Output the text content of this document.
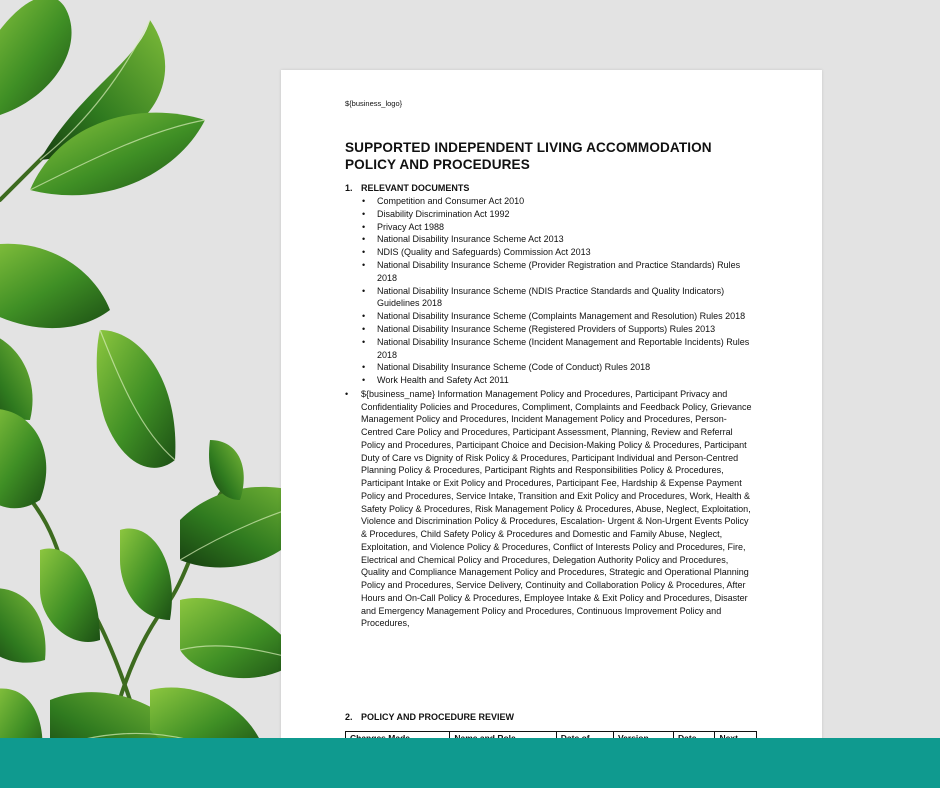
${business_logo}
SUPPORTED INDEPENDENT LIVING ACCOMMODATION
POLICY AND PROCEDURES
1. RELEVANT DOCUMENTS
• Competition and Consumer Act 2010
• Disability Discrimination Act 1992
• Privacy Act 1988
• National Disability Insurance Scheme Act 2013
• NDIS (Quality and Safeguards) Commission Act 2013
• National Disability Insurance Scheme (Provider Registration and Practice Standards) Rules 2018
• National Disability Insurance Scheme (NDIS Practice Standards and Quality Indicators) Guidelines 2018
• National Disability Insurance Scheme (Complaints Management and Resolution) Rules 2018
• National Disability Insurance Scheme (Registered Providers of Supports) Rules 2013
• National Disability Insurance Scheme (Incident Management and Reportable Incidents) Rules 2018
• National Disability Insurance Scheme (Code of Conduct) Rules 2018
• Work Health and Safety Act 2011
• ${business_name} Information Management Policy and Procedures, Participant Privacy and Confidentiality Policies and Procedures, Compliment, Complaints and Feedback Policy, Grievance Management Policy and Procedures, Incident Management Policy and Procedures, Person-Centred Care Policy and Procedures, Participant Assessment, Planning, Review and Referral Policy and Procedures, Participant Choice and Decision-Making Policy & Procedures, Participant Duty of Care vs Dignity of Risk Policy & Procedures, Participant Individual and Person-Centred Planning Policy & Procedures, Participant Rights and Responsibilities Policy & Procedures, Participant Intake or Exit Policy and Procedures, Participant Fee, Hardship & Expense Payment Policy and Procedures, Service Intake, Transition and Exit Policy and Procedures, Work, Health & Safety Policy & Procedures, Risk Management Policy & Procedures, Abuse, Neglect, Exploitation, Violence and Discrimination Policy & Procedures, Escalation- Urgent & Non-Urgent Events Policy & Procedures, Child Safety Policy & Procedures and Domestic and Family Abuse, Neglect, Exploitation, and Violence Policy & Procedures, Conflict of Interests Policy and Procedures, Fire, Electrical and Chemical Policy and Procedures, Delegation Authority Policy and Procedures, Quality and Compliance Management Policy and Procedures, Strategic and Operational Planning Policy and Procedures, Service Delivery, Continuity and Collaboration Policy & Procedures, After Hours and On-Call Policy & Procedures, Employee Intake & Exit Policy and Procedures, Disaster and Emergency Management Policy and Procedures, Continuous Improvement Policy and Procedures,
2. POLICY AND PROCEDURE REVIEW
